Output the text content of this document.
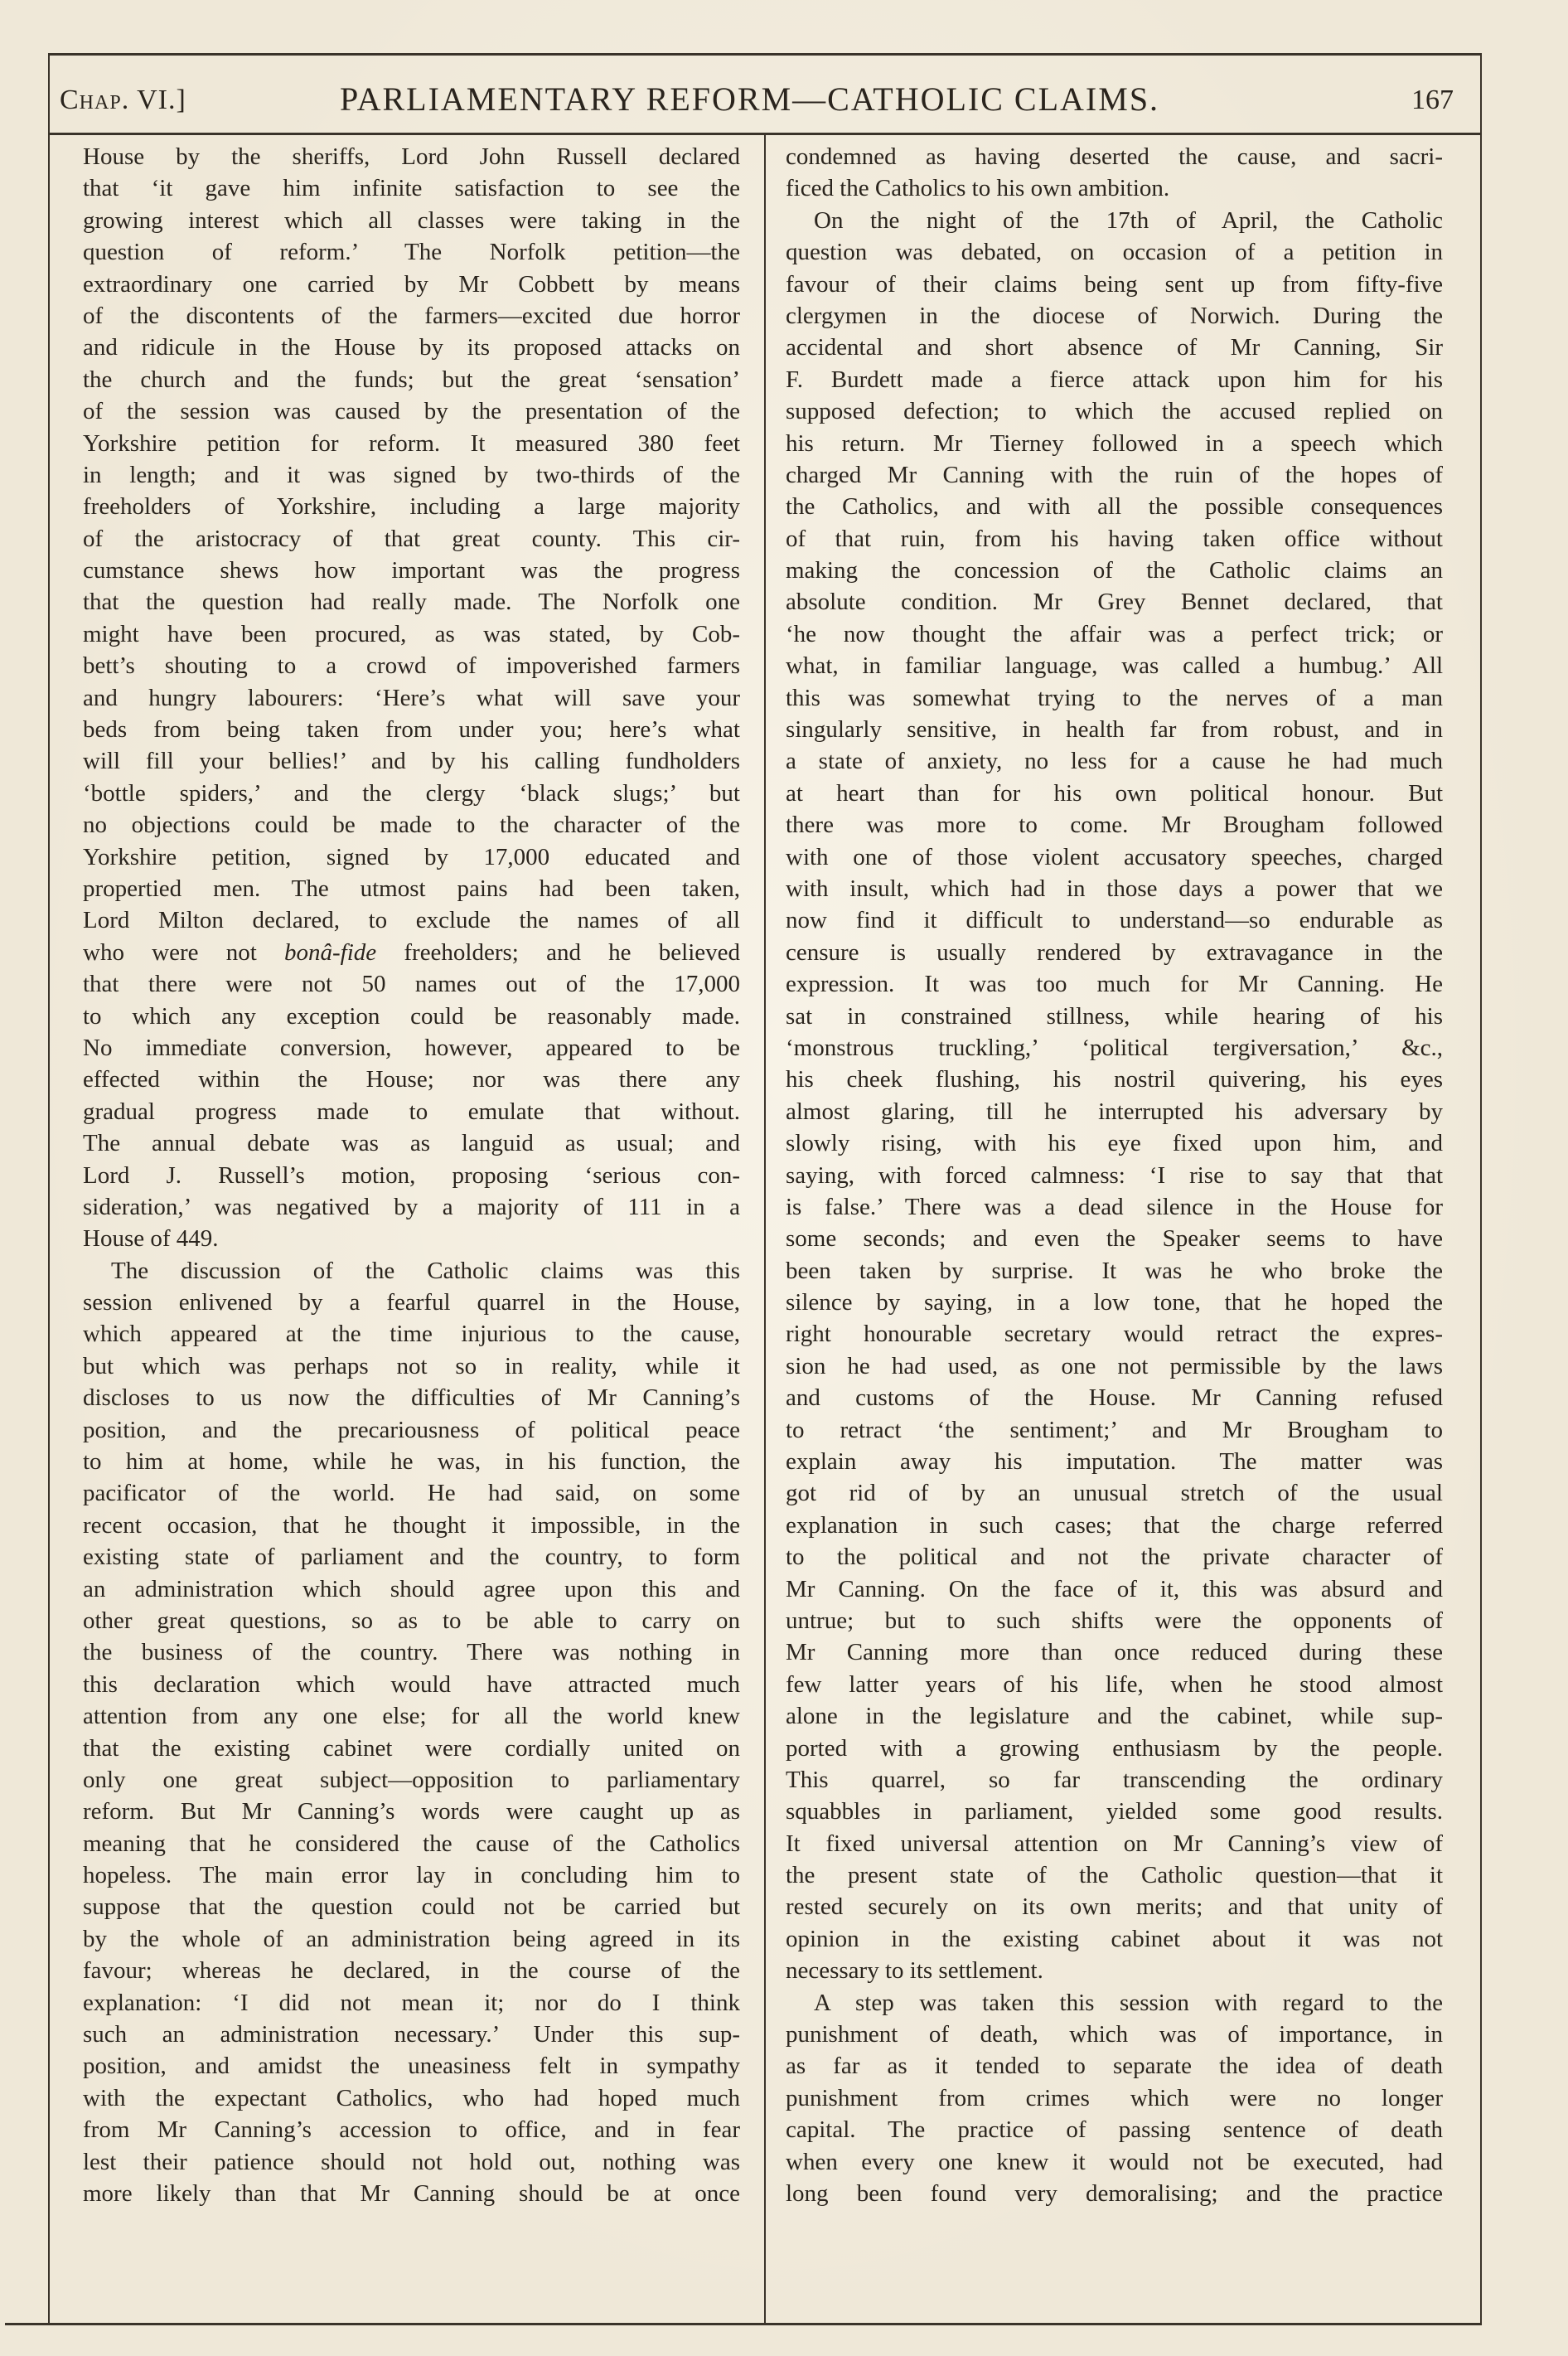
Chap. VI.]	PARLIAMENTARY REFORM—CATHOLIC CLAIMS.	167
House by the sheriffs, Lord John Russell declared
that ‘it gave him infinite satisfaction to see the
growing interest which all classes were taking in the
question of reform.’ The Norfolk petition—the
extraordinary one carried by Mr Cobbett by means
of the discontents of the farmers—excited due horror
and ridicule in the House by its proposed attacks on
the church and the funds; but the great ‘sensation’
of the session was caused by the presentation of the
Yorkshire petition for reform. It measured 380 feet
in length; and it was signed by two-thirds of the
freeholders of Yorkshire, including a large majority
of the aristocracy of that great county. This cir-
cumstance shews how important was the progress
that the question had really made. The Norfolk one
might have been procured, as was stated, by Cob-
bett’s shouting to a crowd of impoverished farmers
and hungry labourers: ‘Here’s what will save your
beds from being taken from under you; here’s what
will fill your bellies!’ and by his calling fundholders
‘bottle spiders,’ and the clergy ‘black slugs;’ but
no objections could be made to the character of the
Yorkshire petition, signed by 17,000 educated and
propertied men. The utmost pains had been taken,
Lord Milton declared, to exclude the names of all
who were not bonâ-fide freeholders; and he believed
that there were not 50 names out of the 17,000
to which any exception could be reasonably made.
No immediate conversion, however, appeared to be
effected within the House; nor was there any
gradual progress made to emulate that without.
The annual debate was as languid as usual; and
Lord J. Russell’s motion, proposing ‘serious con-
sideration,’ was negatived by a majority of 111 in a
House of 449.
The discussion of the Catholic claims was this
session enlivened by a fearful quarrel in the House,
which appeared at the time injurious to the cause,
but which was perhaps not so in reality, while it
discloses to us now the difficulties of Mr Canning’s
position, and the precariousness of political peace
to him at home, while he was, in his function, the
pacificator of the world. He had said, on some
recent occasion, that he thought it impossible, in the
existing state of parliament and the country, to form
an administration which should agree upon this and
other great questions, so as to be able to carry on
the business of the country. There was nothing in
this declaration which would have attracted much
attention from any one else; for all the world knew
that the existing cabinet were cordially united on
only one great subject—opposition to parliamentary
reform. But Mr Canning’s words were caught up as
meaning that he considered the cause of the Catholics
hopeless. The main error lay in concluding him to
suppose that the question could not be carried but
by the whole of an administration being agreed in its
favour; whereas he declared, in the course of the
explanation: ‘I did not mean it; nor do I think
such an administration necessary.’ Under this sup-
position, and amidst the uneasiness felt in sympathy
with the expectant Catholics, who had hoped much
from Mr Canning’s accession to office, and in fear
lest their patience should not hold out, nothing was
more likely than that Mr Canning should be at once
condemned as having deserted the cause, and sacri-
ficed the Catholics to his own ambition.
On the night of the 17th of April, the Catholic
question was debated, on occasion of a petition in
favour of their claims being sent up from fifty-five
clergymen in the diocese of Norwich. During the
accidental and short absence of Mr Canning, Sir
F. Burdett made a fierce attack upon him for his
supposed defection; to which the accused replied on
his return. Mr Tierney followed in a speech which
charged Mr Canning with the ruin of the hopes of
the Catholics, and with all the possible consequences
of that ruin, from his having taken office without
making the concession of the Catholic claims an
absolute condition. Mr Grey Bennet declared, that
‘he now thought the affair was a perfect trick; or
what, in familiar language, was called a humbug.’ All
this was somewhat trying to the nerves of a man
singularly sensitive, in health far from robust, and in
a state of anxiety, no less for a cause he had much
at heart than for his own political honour. But
there was more to come. Mr Brougham followed
with one of those violent accusatory speeches, charged
with insult, which had in those days a power that we
now find it difficult to understand—so endurable as
censure is usually rendered by extravagance in the
expression. It was too much for Mr Canning. He
sat in constrained stillness, while hearing of his
‘monstrous truckling,’ ‘political tergiversation,’ &c.,
his cheek flushing, his nostril quivering, his eyes
almost glaring, till he interrupted his adversary by
slowly rising, with his eye fixed upon him, and
saying, with forced calmness: ‘I rise to say that that
is false.’ There was a dead silence in the House for
some seconds; and even the Speaker seems to have
been taken by surprise. It was he who broke the
silence by saying, in a low tone, that he hoped the
right honourable secretary would retract the expres-
sion he had used, as one not permissible by the laws
and customs of the House. Mr Canning refused
to retract ‘the sentiment;’ and Mr Brougham to
explain away his imputation. The matter was
got rid of by an unusual stretch of the usual
explanation in such cases; that the charge referred
to the political and not the private character of
Mr Canning. On the face of it, this was absurd and
untrue; but to such shifts were the opponents of
Mr Canning more than once reduced during these
few latter years of his life, when he stood almost
alone in the legislature and the cabinet, while sup-
ported with a growing enthusiasm by the people.
This quarrel, so far transcending the ordinary
squabbles in parliament, yielded some good results.
It fixed universal attention on Mr Canning’s view of
the present state of the Catholic question—that it
rested securely on its own merits; and that unity of
opinion in the existing cabinet about it was not
necessary to its settlement.
A step was taken this session with regard to the
punishment of death, which was of importance, in
as far as it tended to separate the idea of death
punishment from crimes which were no longer
capital. The practice of passing sentence of death
when every one knew it would not be executed, had
long been found very demoralising; and the practice
